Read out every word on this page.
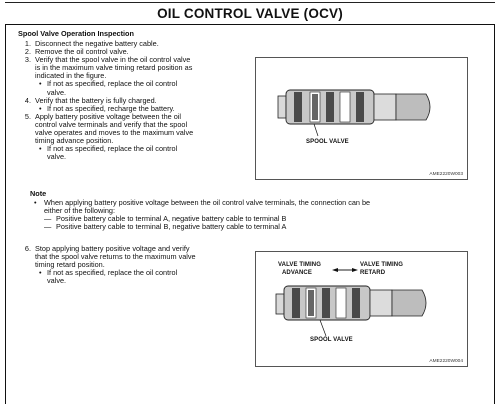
OIL CONTROL VALVE (OCV)
Spool Valve Operation Inspection
1. Disconnect the negative battery cable.
2. Remove the oil control valve.
3. Verify that the spool valve in the oil control valve
is in the maximum valve timing retard position as
indicated in the figure.
• If not as specified, replace the oil control
valve.
4. Verify that the battery is fully charged.
• If not as specified, recharge the battery.
5. Apply battery positive voltage between the oil
control valve terminals and verify that the spool
valve operates and moves to the maximum valve
timing advance position.
• If not as specified, replace the oil control
valve.
SPOOL VALVE
AME2220W003
Note
• When applying battery positive voltage between the oil control valve terminals, the connection can be
either of the following:
— Positive battery cable to terminal A, negative battery cable to terminal B
— Positive battery cable to terminal B, negative battery cable to terminal A
6. Stop applying battery positive voltage and verify
that the spool valve returns to the maximum valve
timing retard position.
• If not as specified, replace the oil control
valve.
VALVE TIMING
ADVANCE
VALVE TIMING
RETARD
SPOOL VALVE
AME2220W004
